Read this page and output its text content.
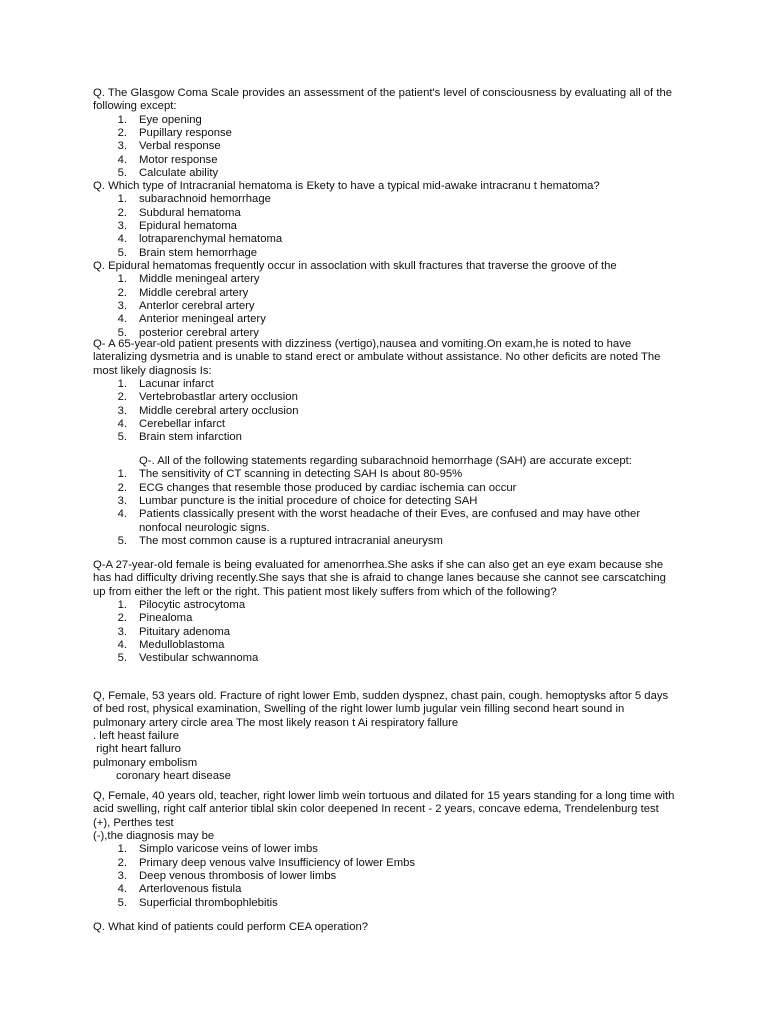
Q. The Glasgow Coma Scale provides an assessment of the patient's level of consciousness by evaluating all of the following except:

1. Eye opening
2. Pupillary response
3. Verbal response
4. Motor response
5. Calculate ability

Q. Which type of Intracranial hematoma is Ekety to have a typical mid-awake intracranu t hematoma?

1. subarachnoid hemorrhage
2. Subdural hematoma
3. Epidural hematoma
4. lotraparenchymal hematoma
5. Brain stem hemorrhage

Q. Epidural hematomas frequently occur in assoclation with skull fractures that traverse the groove of the

1. Middle meningeal artery
2. Middle cerebral artery
3. Anterlor cerebral artery
4. Anterior meningeal artery
5. posterior cerebral artery

Q- A 65-year-old patient presents with dizziness (vertigo),nausea and vomiting.On exam,he is noted to have lateralizing dysmetria and is unable to stand erect or ambulate without assistance. No other deficits are noted The most likely diagnosis Is:

1. Lacunar infarct
2. Vertebrobastlar artery occlusion
3. Middle cerebral artery occlusion
4. Cerebellar infarct
5. Brain stem infarction

Q-. All of the following statements regarding subarachnoid hemorrhage (SAH) are accurate except:

1. The sensitivity of CT scanning in detecting SAH Is about 80-95%
2. ECG changes that resemble those produced by cardiac ischemia can occur
3. Lumbar puncture is the initial procedure of choice for detecting SAH
4. Patients classically present with the worst headache of their Eves, are confused and may have other nonfocal neurologic signs.
5. The most common cause is a ruptured intracranial aneurysm

Q-A 27-year-old female is being evaluated for amenorrhea.She asks if she can also get an eye exam because she has had difficulty driving recently.She says that she is afraid to change lanes because she cannot see carscatching up from either the left or the right. This patient most likely suffers from which of the following?

1. Pilocytic astrocytoma
2. Pinealoma
3. Pituitary adenoma
4. Medulloblastoma
5. Vestibular schwannoma

Q, Female, 53 years old. Fracture of right lower Emb, sudden dyspnez, chast pain, cough. hemoptysks aftor 5 days of bed rost, physical examination, Swelling of the right lower lumb jugular vein filling second heart sound in pulmonary artery circle area The most likely reason t Ai respiratory fallure

. left heast failure

right heart falluro

pulmonary embolism

coronary heart disease

Q, Female, 40 years old, teacher, right lower limb wein tortuous and dilated for 15 years standing for a long time with acid swelling, right calf anterior tiblal skin color deepened In recent - 2 years, concave edema, Trendelenburg test (+), Perthes test

(-),the diagnosis may be

1. Simplo varicose veins of lower imbs
2. Primary deep venous valve Insufficiency of lower Embs
3. Deep venous thrombosis of lower limbs
4. Arterlovenous fistula
5. Superficial thrombophlebitis

Q. What kind of patients could perform CEA operation?
